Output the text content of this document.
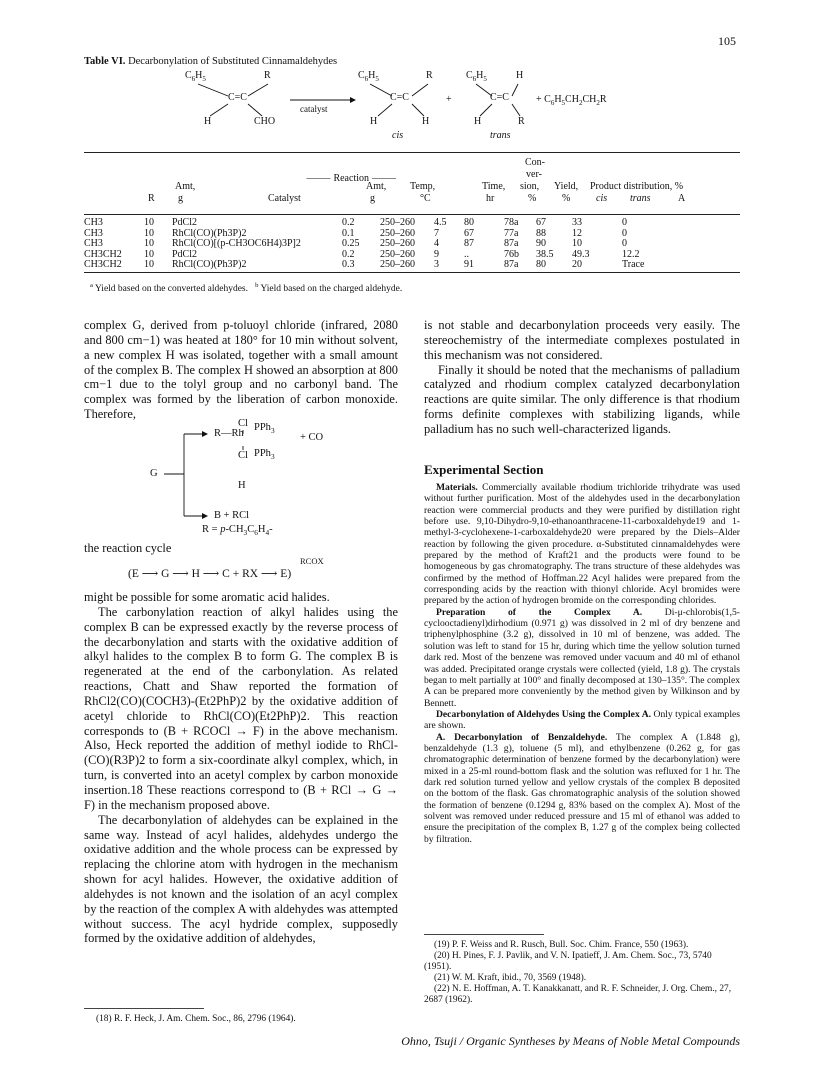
105
Table VI. Decarbonylation of Substituted Cinnamaldehydes
$C_6H_5$	R
C=C
H	CHO
catalyst
$C_6H_5$	R
C=C
H	H
cis
+
$C_6H_5$	H
C=C
H	R
trans
+ $C_6H_5CH_2CH_2R$
Con-
⸻ Reaction ⸻	ver-
Amt,	Amt, Temp,	Time, sion, Yield, Product distribution, %
R g	Catalyst	g	°C	hr	%	%	cis trans	A
CH3	10	PdCl2	0.2	250–260	4.5	80	78a	67	33	0
CH3	10	RhCl(CO)(Ph3P)2	0.1	250–260	7	67	77a	88	12	0
CH3	10	RhCl(CO)[(p-CH3OC6H4)3P]2	0.25	250–260	4	87	87a	90	10	0
CH3CH2	10	PdCl2	0.2	250–260	9	..	76b	38.5	49.3	12.2
CH3CH2	10	RhCl(CO)(Ph3P)2	0.3	250–260	3	91	87a	80	20	Trace
$^a$ Yield based on the converted aldehydes.   $^b$ Yield based on the charged aldehyde.

complex G, derived from p-toluoyl chloride (infrared, 2080 and 800 cm−1) was heated at 180° for 10 min without solvent, a new complex H was isolated, together with a small amount of the complex B. The complex H showed an absorption at 800 cm−1 due to the tolyl group and no carbonyl band. The complex was formed by the liberation of carbon monoxide. Therefore,

Cl PPh$_3$
R—Rh	+ CO
Cl PPh$_3$
G
H
B + RCl
$R = p-CH_3C_6H_4-$

the reaction cycle

RCOX
(E ⟶ G ⟶ H ⟶ C + RX ⟶ E)

might be possible for some aromatic acid halides.

The carbonylation reaction of alkyl halides using the complex B can be expressed exactly by the reverse process of the decarbonylation and starts with the oxidative addition of alkyl halides to the complex B to form G. The complex B is regenerated at the end of the carbonylation. As related reactions, Chatt and Shaw reported the formation of RhCl2(CO)(COCH3)-(Et2PhP)2 by the oxidative addition of acetyl chloride to RhCl(CO)(Et2PhP)2. This reaction corresponds to (B + RCOCl → F) in the above mechanism. Also, Heck reported the addition of methyl iodide to RhCl-(CO)(R3P)2 to form a six-coordinate alkyl complex, which, in turn, is converted into an acetyl complex by carbon monoxide insertion.18 These reactions correspond to (B + RCl → G → F) in the mechanism proposed above.

The decarbonylation of aldehydes can be explained in the same way. Instead of acyl halides, aldehydes undergo the oxidative addition and the whole process can be expressed by replacing the chlorine atom with hydrogen in the mechanism shown for acyl halides. However, the oxidative addition of aldehydes is not known and the isolation of an acyl complex by the reaction of the complex A with aldehydes was attempted without success. The acyl hydride complex, supposedly formed by the oxidative addition of aldehydes,

(18) R. F. Heck, J. Am. Chem. Soc., 86, 2796 (1964).

is not stable and decarbonylation proceeds very easily. The stereochemistry of the intermediate complexes postulated in this mechanism was not considered.

Finally it should be noted that the mechanisms of palladium catalyzed and rhodium complex catalyzed decarbonylation reactions are quite similar. The only difference is that rhodium forms definite complexes with stabilizing ligands, while palladium has no such well-characterized ligands.

Experimental Section

Materials. Commercially available rhodium trichloride trihydrate was used without further purification. Most of the aldehydes used in the decarbonylation reaction were commercial products and they were purified by distillation right before use. 9,10-Dihydro-9,10-ethanoanthracene-11-carboxaldehyde19 and 1-methyl-3-cyclohexene-1-carboxaldehyde20 were prepared by the Diels–Alder reaction by following the given procedure. α-Substituted cinnamaldehydes were prepared by the method of Kraft21 and the products were found to be homogeneous by gas chromatography. The trans structure of these aldehydes was confirmed by the method of Hoffman.22 Acyl halides were prepared from the corresponding acids by the reaction with thionyl chloride. Acyl bromides were prepared by the action of hydrogen bromide on the corresponding chlorides.

Preparation of the Complex A. Di-μ-chlorobis(1,5-cyclooctadienyl)dirhodium (0.971 g) was dissolved in 2 ml of dry benzene and triphenylphosphine (3.2 g), dissolved in 10 ml of benzene, was added. The solution was left to stand for 15 hr, during which time the yellow solution turned dark red. Most of the benzene was removed under vacuum and 40 ml of ethanol was added. Precipitated orange crystals were collected (yield, 1.8 g). The crystals began to melt partially at 100° and finally decomposed at 130–135°. The complex A can be prepared more conveniently by the method given by Wilkinson and by Bennett.

Decarbonylation of Aldehydes Using the Complex A. Only typical examples are shown.

A. Decarbonylation of Benzaldehyde. The complex A (1.848 g), benzaldehyde (1.3 g), toluene (5 ml), and ethylbenzene (0.262 g, for gas chromatographic determination of benzene formed by the decarbonylation) were mixed in a 25-ml round-bottom flask and the solution was refluxed for 1 hr. The dark red solution turned yellow and yellow crystals of the complex B deposited on the bottom of the flask. Gas chromatographic analysis of the solution showed the formation of benzene (0.1294 g, 83% based on the complex A). Most of the solvent was removed under reduced pressure and 15 ml of ethanol was added to ensure the precipitation of the complex B, 1.27 g of the complex being collected by filtration.

(19) P. F. Weiss and R. Rusch, Bull. Soc. Chim. France, 550 (1963).

(20) H. Pines, F. J. Pavlik, and V. N. Ipatieff, J. Am. Chem. Soc., 73, 5740 (1951).

(21) W. M. Kraft, ibid., 70, 3569 (1948).

(22) N. E. Hoffman, A. T. Kanakkanatt, and R. F. Schneider, J. Org. Chem., 27, 2687 (1962).

Ohno, Tsuji / Organic Syntheses by Means of Noble Metal Compounds
